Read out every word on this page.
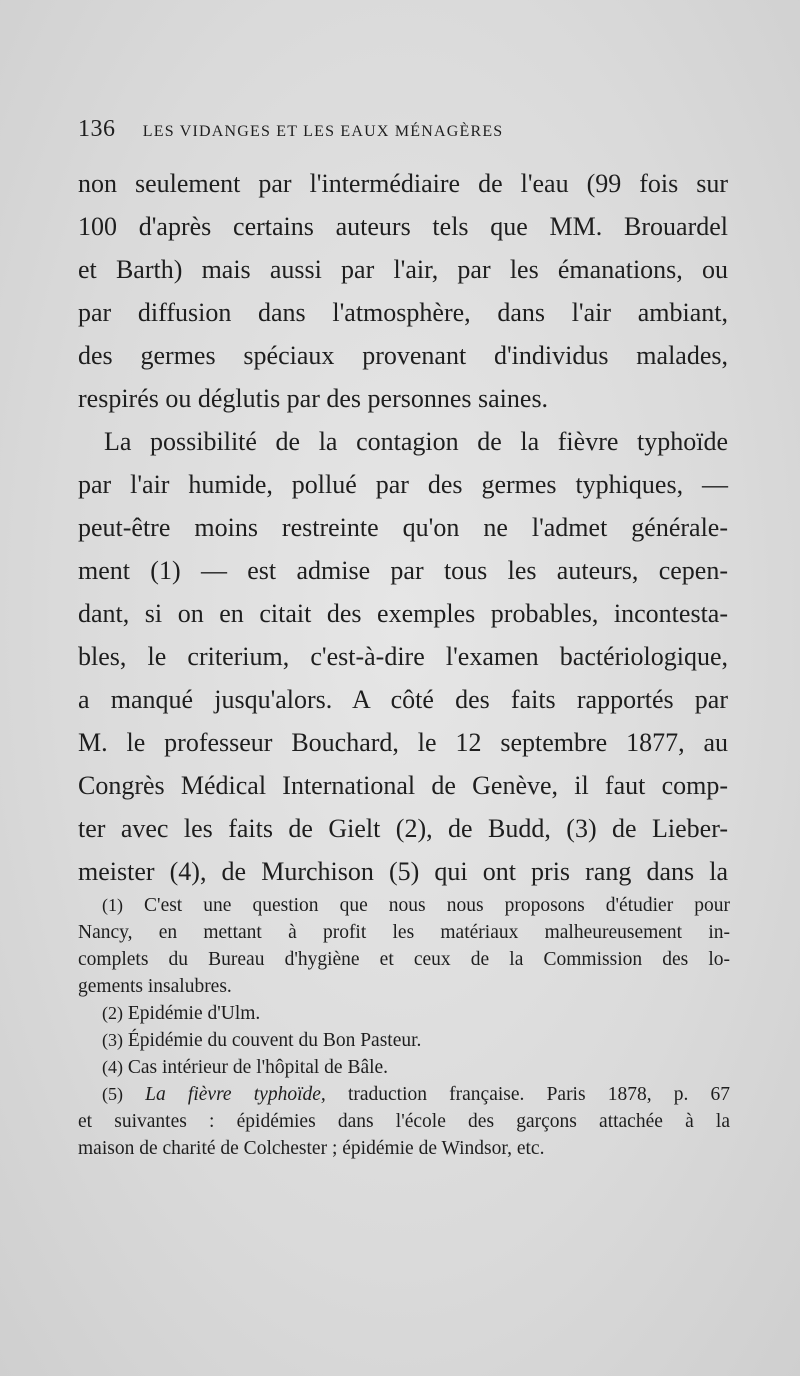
136 LES VIDANGES ET LES EAUX MÉNAGÈRES
non seulement par l'intermédiaire de l'eau (99 fois sur
100 d'après certains auteurs tels que MM. Brouardel
et Barth) mais aussi par l'air, par les émanations, ou
par diffusion dans l'atmosphère, dans l'air ambiant,
des germes spéciaux provenant d'individus malades,
respirés ou déglutis par des personnes saines.
La possibilité de la contagion de la fièvre typhoïde
par l'air humide, pollué par des germes typhiques, —
peut-être moins restreinte qu'on ne l'admet générale-
ment (1) — est admise par tous les auteurs, cepen-
dant, si on en citait des exemples probables, incontesta-
bles, le criterium, c'est-à-dire l'examen bactériologique,
a manqué jusqu'alors. A côté des faits rapportés par
M. le professeur Bouchard, le 12 septembre 1877, au
Congrès Médical International de Genève, il faut comp-
ter avec les faits de Gielt (2), de Budd, (3) de Lieber-
meister (4), de Murchison (5) qui ont pris rang dans la
(1) C'est une question que nous nous proposons d'étudier pour
Nancy, en mettant à profit les matériaux malheureusement in-
complets du Bureau d'hygiène et ceux de la Commission des lo-
gements insalubres.
(2) Epidémie d'Ulm.
(3) Épidémie du couvent du Bon Pasteur.
(4) Cas intérieur de l'hôpital de Bâle.
(5) La fièvre typhoïde, traduction française. Paris 1878, p. 67
et suivantes : épidémies dans l'école des garçons attachée à la
maison de charité de Colchester ; épidémie de Windsor, etc.
